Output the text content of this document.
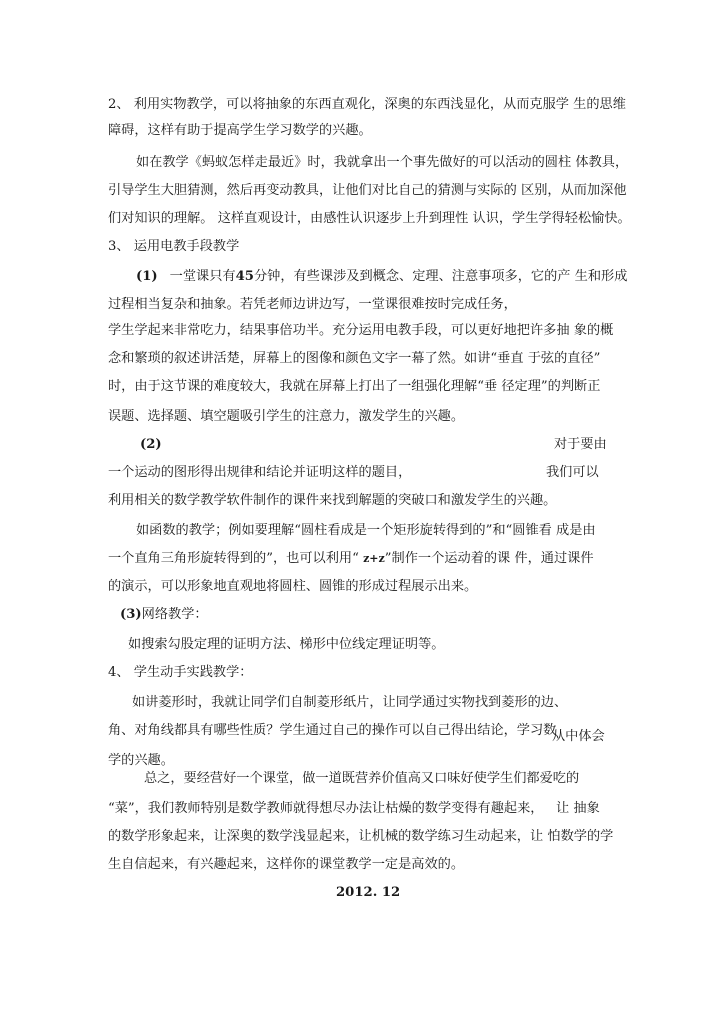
2、 利用实物教学，可以将抽象的东西直观化，深奥的东西浅显化，从而克服学 生的思维
障碍，这样有助于提高学生学习数学的兴趣。
如在教学《蚂蚁怎样走最近》时，我就拿出一个事先做好的可以活动的圆柱 体教具，
引导学生大胆猜测，然后再变动教具，让他们对比自己的猜测与实际的 区别，从而加深他
们对知识的理解。 这样直观设计，由感性认识逐步上升到理性 认识，学生学得轻松愉快。
3、 运用电教手段教学
(1) 一堂课只有45分钟，有些课涉及到概念、定理、注意事项多，它的产 生和形成
过程相当复杂和抽象。若凭老师边讲边写，一堂课很难按时完成任务，
学生学起来非常吃力，结果事倍功半。充分运用电教手段，可以更好地把许多抽 象的概
念和繁琐的叙述讲活楚，屏幕上的图像和颜色文字一幕了然。如讲“垂直 于弦的直径”
时，由于这节课的难度较大，我就在屏幕上打出了一组强化理解“垂 径定理”的判断正
误题、选择题、填空题吸引学生的注意力，激发学生的兴趣。
(2)	对于要由
一个运动的图形得出规律和结论并证明这样的题目，	我们可以
利用相关的数学教学软件制作的课件来找到解题的突破口和激发学生的兴趣。
如函数的教学；例如要理解“圆柱看成是一个矩形旋转得到的”和“圆锥看 成是由
一个直角三角形旋转得到的”，也可以利用“ z+z”制作一个运动着的课 件，通过课件
的演示，可以形象地直观地将圆柱、圆锥的形成过程展示出来。
(3)网络教学：
如搜索勾股定理的证明方法、梯形中位线定理证明等。
4、 学生动手实践教学：
如讲菱形时，我就让同学们自制菱形纸片，让同学通过实物找到菱形的边、
角、对角线都具有哪些性质？学生通过自己的操作可以自己得出结论，学习数
从中体会
学的兴趣。
总之，要经营好一个课堂，做一道既营养价值高又口味好使学生们都爱吃的
“菜”，我们教师特别是数学教师就得想尽办法让枯燥的数学变得有趣起来， 让 抽象
的数学形象起来，让深奥的数学浅显起来，让机械的数学练习生动起来，让 怕数学的学
生自信起来，有兴趣起来，这样你的课堂教学一定是高效的。
2012. 12
